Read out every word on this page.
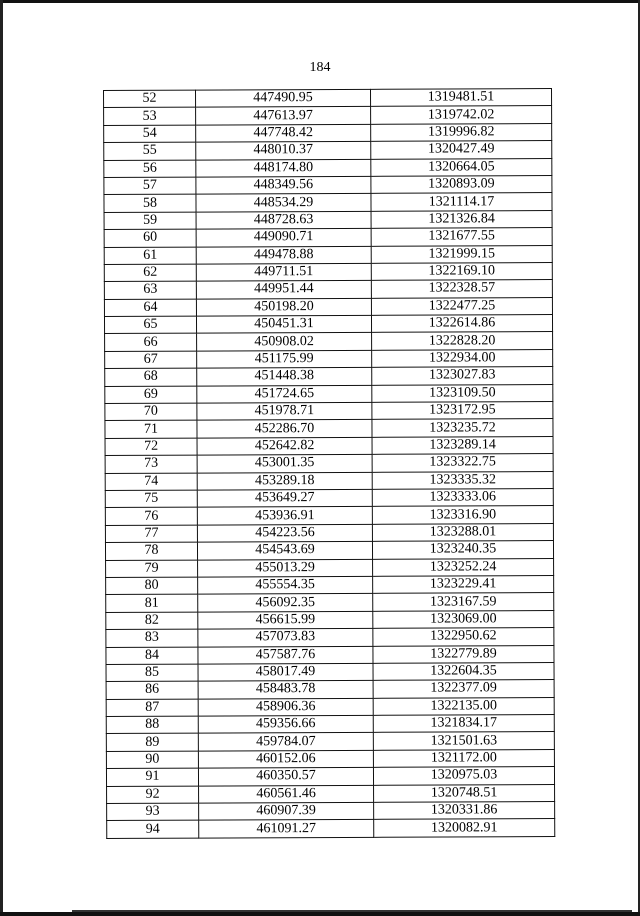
184
52	447490.95	1319481.51
53	447613.97	1319742.02
54	447748.42	1319996.82
55	448010.37	1320427.49
56	448174.80	1320664.05
57	448349.56	1320893.09
58	448534.29	1321114.17
59	448728.63	1321326.84
60	449090.71	1321677.55
61	449478.88	1321999.15
62	449711.51	1322169.10
63	449951.44	1322328.57
64	450198.20	1322477.25
65	450451.31	1322614.86
66	450908.02	1322828.20
67	451175.99	1322934.00
68	451448.38	1323027.83
69	451724.65	1323109.50
70	451978.71	1323172.95
71	452286.70	1323235.72
72	452642.82	1323289.14
73	453001.35	1323322.75
74	453289.18	1323335.32
75	453649.27	1323333.06
76	453936.91	1323316.90
77	454223.56	1323288.01
78	454543.69	1323240.35
79	455013.29	1323252.24
80	455554.35	1323229.41
81	456092.35	1323167.59
82	456615.99	1323069.00
83	457073.83	1322950.62
84	457587.76	1322779.89
85	458017.49	1322604.35
86	458483.78	1322377.09
87	458906.36	1322135.00
88	459356.66	1321834.17
89	459784.07	1321501.63
90	460152.06	1321172.00
91	460350.57	1320975.03
92	460561.46	1320748.51
93	460907.39	1320331.86
94	461091.27	1320082.91
